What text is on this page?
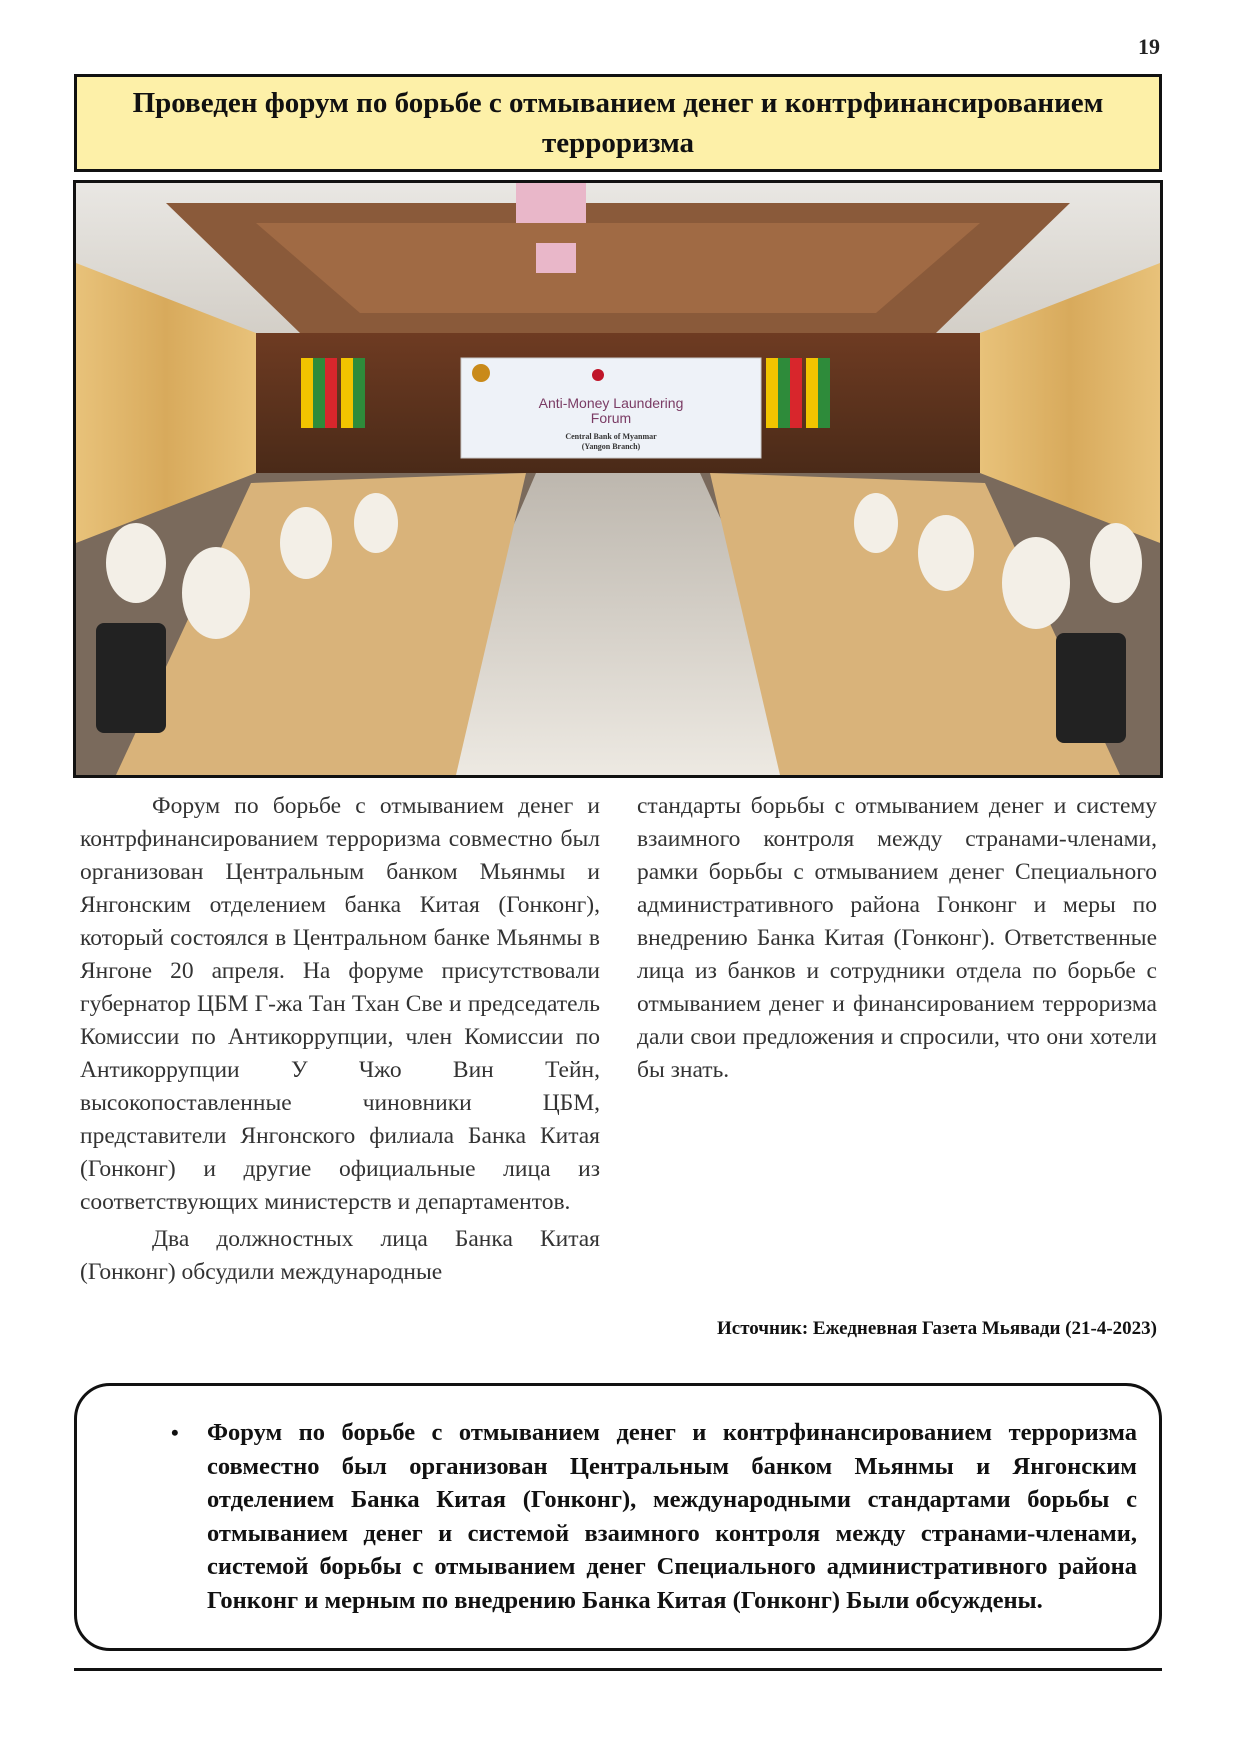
19
Проведен форум по борьбе с отмыванием денег и контрфинансированием терроризма
Anti-Money Laundering
Forum
Central Bank of Myanmar
(Yangon Branch)

Форум по борьбе с отмыванием денег и контрфинансированием терроризма совместно был организован Центральным банком Мьянмы и Янгонским отделением банка Китая (Гонконг), который состоялся в Центральном банке Мьянмы в Янгоне 20 апреля. На форуме присутствовали губернатор ЦБМ Г-жа Тан Тхан Све и председатель Комиссии по Антикоррупции, член Комиссии по Антикоррупции У Чжо Вин Тейн, высокопоставленные чиновники ЦБМ, представители Янгонского филиала Банка Китая (Гонконг) и другие официальные лица из соответствующих министерств и департаментов.

Два должностных лица Банка Китая (Гонконг) обсудили международные

стандарты борьбы с отмыванием денег и систему взаимного контроля между странами-членами, рамки борьбы с отмыванием денег Специального административного района Гонконг и меры по внедрению Банка Китая (Гонконг). Ответственные лица из банков и сотрудники отдела по борьбе с отмыванием денег и финансированием терроризма дали свои предложения и спросили, что они хотели бы знать.

Источник: Ежедневная Газета Мьявади (21-4-2023)
• Форум по борьбе с отмыванием денег и контрфинансированием терроризма совместно был организован Центральным банком Мьянмы и Янгонским отделением Банка Китая (Гонконг), международными стандартами борьбы с отмыванием денег и системой взаимного контроля между странами-членами, системой борьбы с отмыванием денег Специального административного района Гонконг и мерным по внедрению Банка Китая (Гонконг) Были обсуждены.
